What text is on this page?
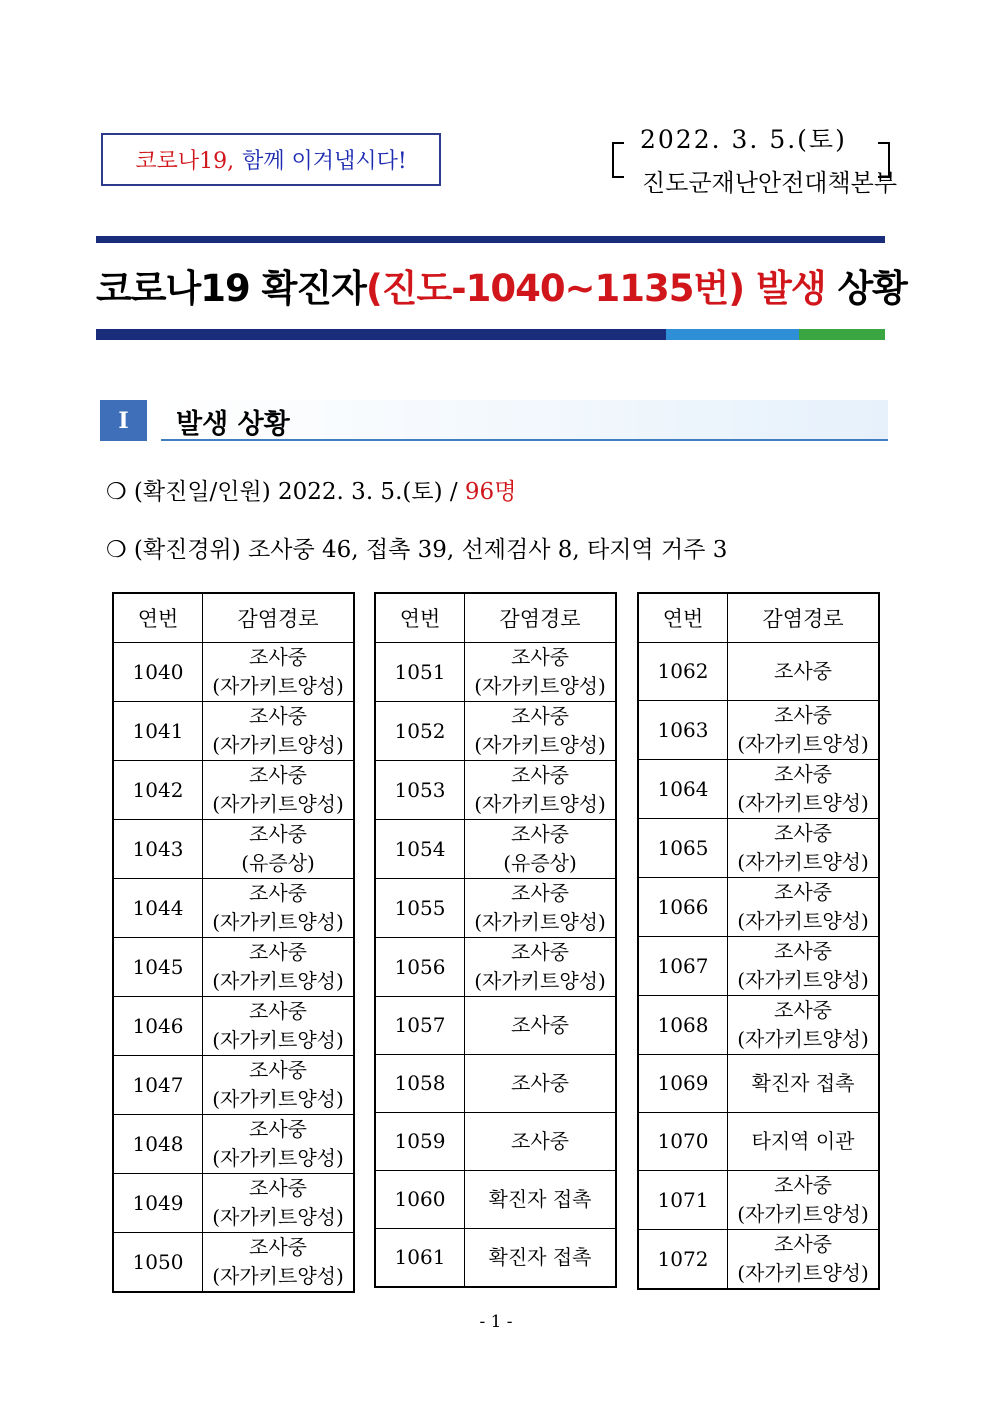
코로나19, 함께 이겨냅시다!
2022. 3. 5.(토)
진도군재난안전대책본부
코로나19 확진자(진도-1040~1135번) 발생 상황
I	발생 상황
❍ (확진일/인원) 2022. 3. 5.(토) / 96명
❍ (확진경위) 조사중 46, 접촉 39, 선제검사 8, 타지역 거주 3
연번	감염경로
1040	조사중
(자가키트양성)

1041	조사중
(자가키트양성)

1042	조사중
(자가키트양성)

1043	조사중
(유증상)

1044	조사중
(자가키트양성)

1045	조사중
(자가키트양성)

1046	조사중
(자가키트양성)

1047	조사중
(자가키트양성)

1048	조사중
(자가키트양성)

1049	조사중
(자가키트양성)

1050	조사중
(자가키트양성)
연번	감염경로
1051	조사중
(자가키트양성)

1052	조사중
(자가키트양성)

1053	조사중
(자가키트양성)

1054	조사중
(유증상)

1055	조사중
(자가키트양성)

1056	조사중
(자가키트양성)

1057	조사중

1058	조사중

1059	조사중

1060	확진자 접촉

1061	확진자 접촉
연번	감염경로
1062	조사중

1063	조사중
(자가키트양성)

1064	조사중
(자가키트양성)

1065	조사중
(자가키트양성)

1066	조사중
(자가키트양성)

1067	조사중
(자가키트양성)

1068	조사중
(자가키트양성)

1069	확진자 접촉

1070	타지역 이관

1071	조사중
(자가키트양성)

1072	조사중
(자가키트양성)
- 1 -
